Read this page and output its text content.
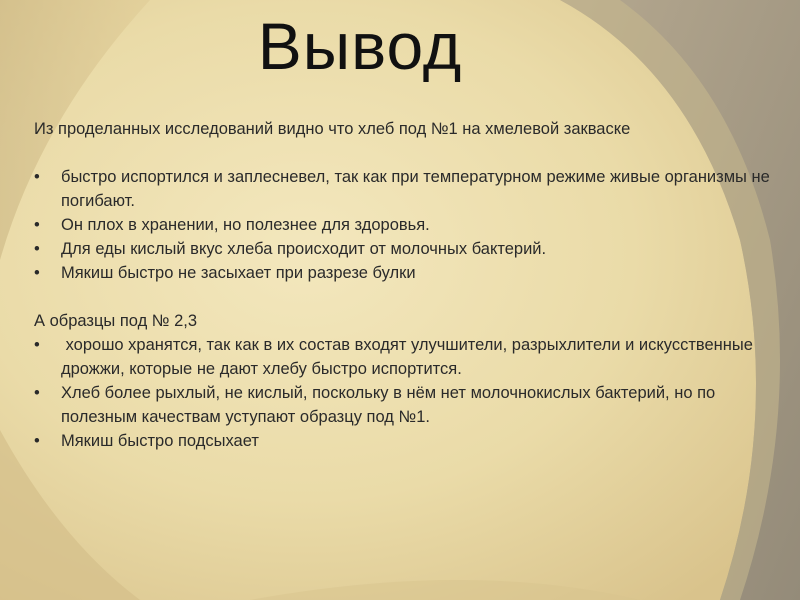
Вывод

Из проделанных исследований видно что хлеб под №1 на хмелевой закваске

• быстро испортился и заплесневел, так как при температурном режиме живые организмы не погибают.
• Он плох в хранении, но полезнее для здоровья.
• Для еды кислый вкус хлеба происходит от молочных бактерий.
• Мякиш быстро не засыхает при разрезе булки

А образцы под № 2,3

• хорошо хранятся, так как в их состав входят улучшители, разрыхлители и искусственные дрожжи, которые не дают хлебу быстро испортится.
• Хлеб более рыхлый, не кислый, поскольку в нём нет молочнокислых бактерий, но по полезным качествам уступают образцу под №1.
• Мякиш быстро подсыхает
